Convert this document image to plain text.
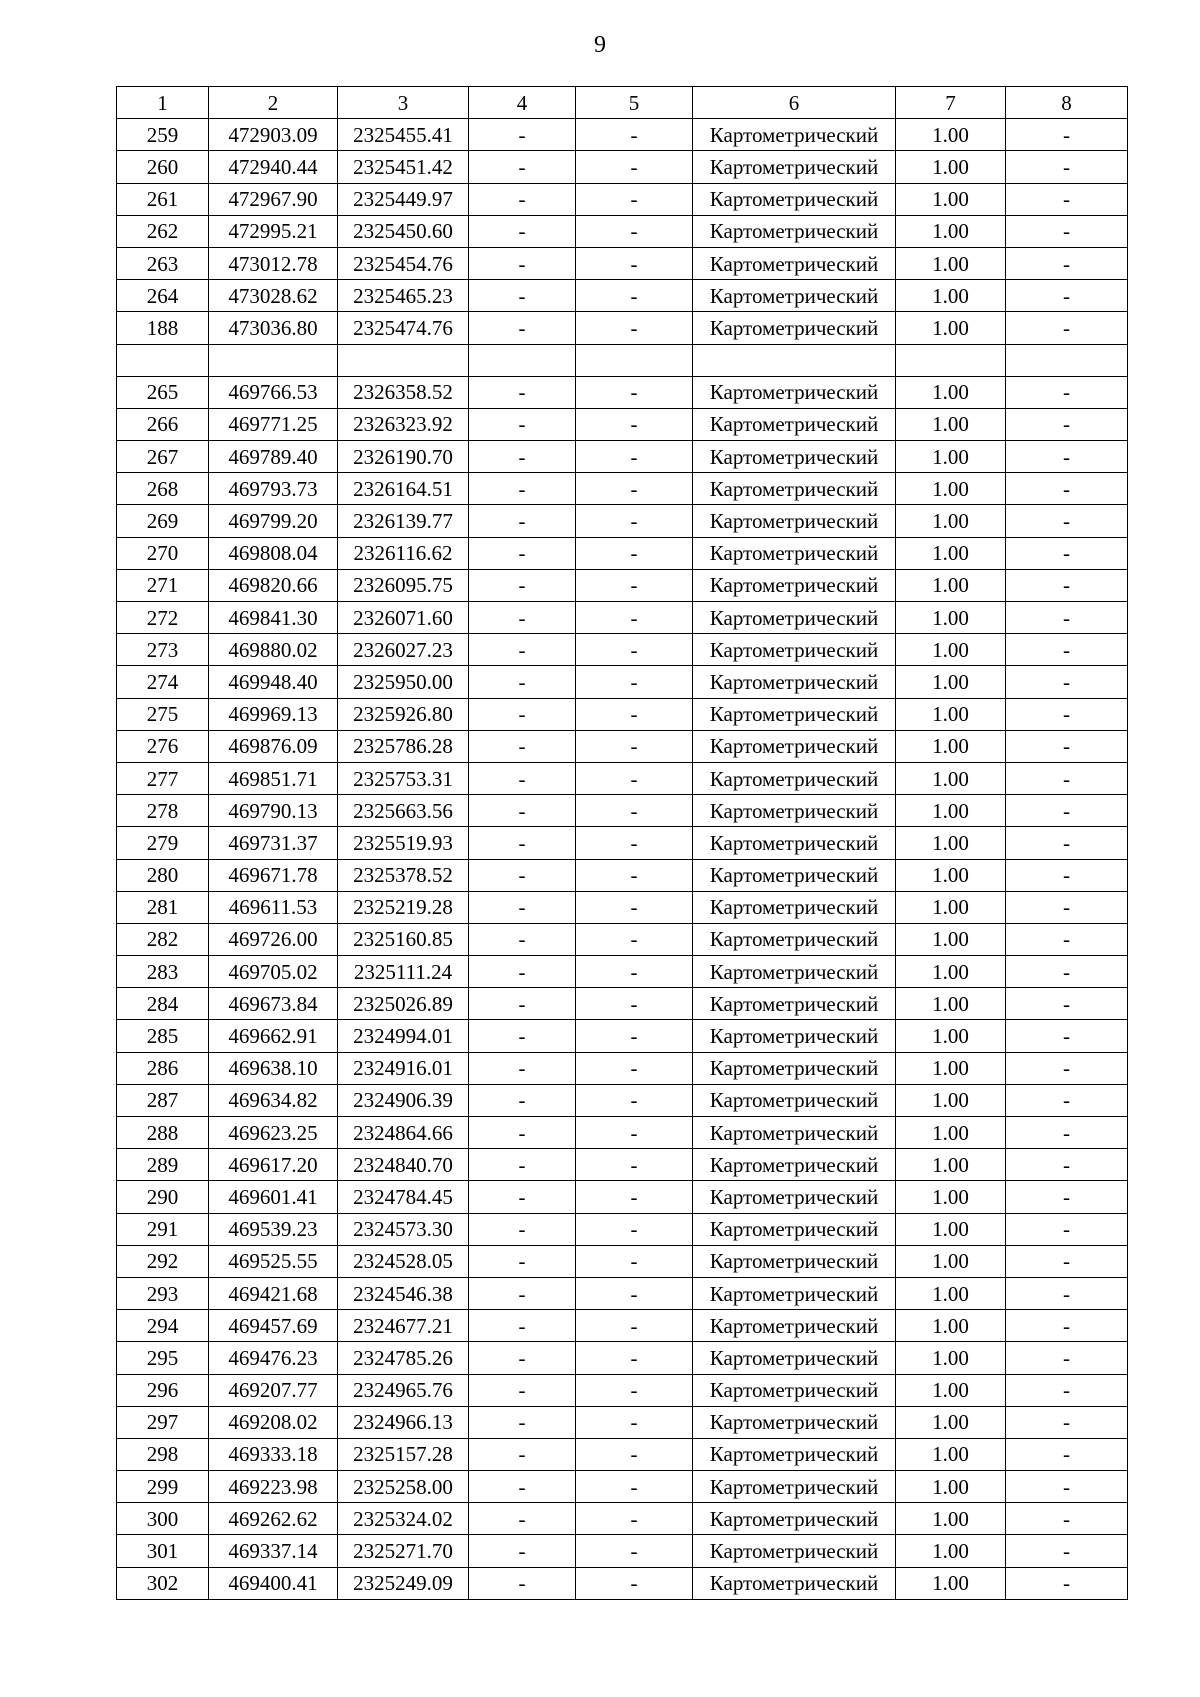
9
1	2	3	4	5	6	7	8
259	472903.09	2325455.41	-	-	Картометрический	1.00	-
260	472940.44	2325451.42	-	-	Картометрический	1.00	-
261	472967.90	2325449.97	-	-	Картометрический	1.00	-
262	472995.21	2325450.60	-	-	Картометрический	1.00	-
263	473012.78	2325454.76	-	-	Картометрический	1.00	-
264	473028.62	2325465.23	-	-	Картометрический	1.00	-
188	473036.80	2325474.76	-	-	Картометрический	1.00	-

265	469766.53	2326358.52	-	-	Картометрический	1.00	-
266	469771.25	2326323.92	-	-	Картометрический	1.00	-
267	469789.40	2326190.70	-	-	Картометрический	1.00	-
268	469793.73	2326164.51	-	-	Картометрический	1.00	-
269	469799.20	2326139.77	-	-	Картометрический	1.00	-
270	469808.04	2326116.62	-	-	Картометрический	1.00	-
271	469820.66	2326095.75	-	-	Картометрический	1.00	-
272	469841.30	2326071.60	-	-	Картометрический	1.00	-
273	469880.02	2326027.23	-	-	Картометрический	1.00	-
274	469948.40	2325950.00	-	-	Картометрический	1.00	-
275	469969.13	2325926.80	-	-	Картометрический	1.00	-
276	469876.09	2325786.28	-	-	Картометрический	1.00	-
277	469851.71	2325753.31	-	-	Картометрический	1.00	-
278	469790.13	2325663.56	-	-	Картометрический	1.00	-
279	469731.37	2325519.93	-	-	Картометрический	1.00	-
280	469671.78	2325378.52	-	-	Картометрический	1.00	-
281	469611.53	2325219.28	-	-	Картометрический	1.00	-
282	469726.00	2325160.85	-	-	Картометрический	1.00	-
283	469705.02	2325111.24	-	-	Картометрический	1.00	-
284	469673.84	2325026.89	-	-	Картометрический	1.00	-
285	469662.91	2324994.01	-	-	Картометрический	1.00	-
286	469638.10	2324916.01	-	-	Картометрический	1.00	-
287	469634.82	2324906.39	-	-	Картометрический	1.00	-
288	469623.25	2324864.66	-	-	Картометрический	1.00	-
289	469617.20	2324840.70	-	-	Картометрический	1.00	-
290	469601.41	2324784.45	-	-	Картометрический	1.00	-
291	469539.23	2324573.30	-	-	Картометрический	1.00	-
292	469525.55	2324528.05	-	-	Картометрический	1.00	-
293	469421.68	2324546.38	-	-	Картометрический	1.00	-
294	469457.69	2324677.21	-	-	Картометрический	1.00	-
295	469476.23	2324785.26	-	-	Картометрический	1.00	-
296	469207.77	2324965.76	-	-	Картометрический	1.00	-
297	469208.02	2324966.13	-	-	Картометрический	1.00	-
298	469333.18	2325157.28	-	-	Картометрический	1.00	-
299	469223.98	2325258.00	-	-	Картометрический	1.00	-
300	469262.62	2325324.02	-	-	Картометрический	1.00	-
301	469337.14	2325271.70	-	-	Картометрический	1.00	-
302	469400.41	2325249.09	-	-	Картометрический	1.00	-
